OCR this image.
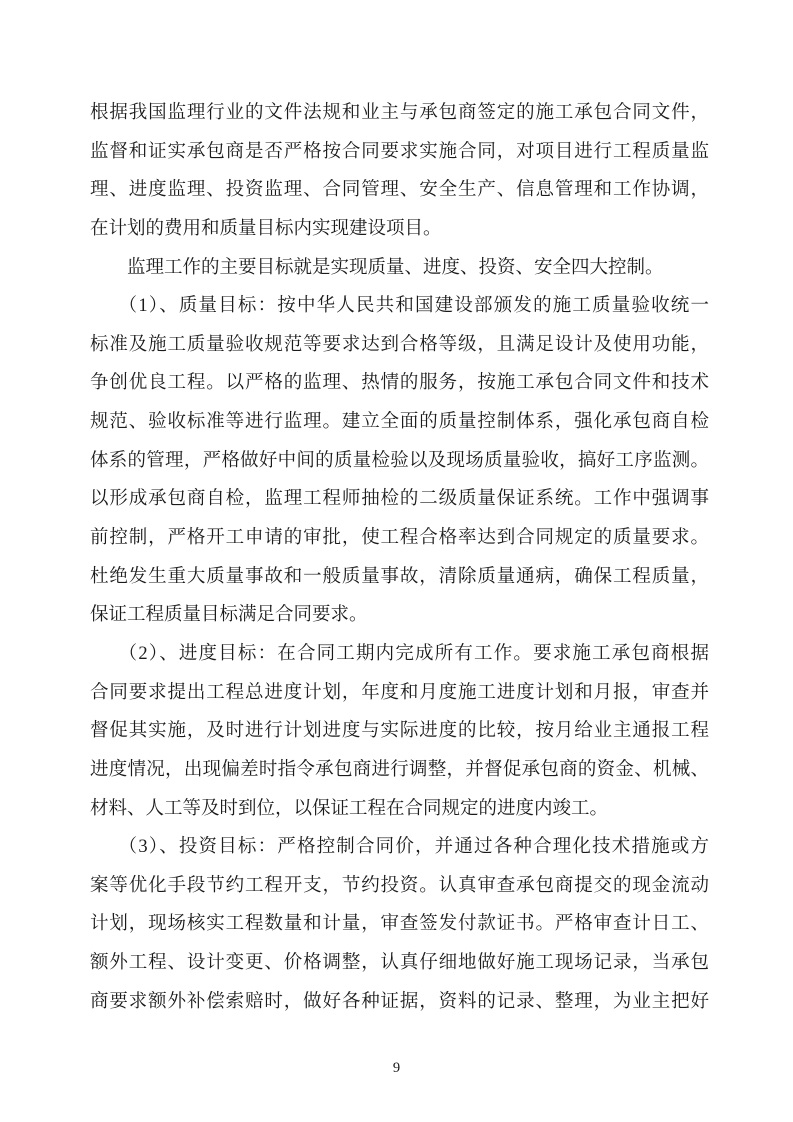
根据我国监理行业的文件法规和业主与承包商签定的施工承包合同文件，
监督和证实承包商是否严格按合同要求实施合同，对项目进行工程质量监
理、进度监理、投资监理、合同管理、安全生产、信息管理和工作协调，
在计划的费用和质量目标内实现建设项目。
监理工作的主要目标就是实现质量、进度、投资、安全四大控制。
（1）、质量目标：按中华人民共和国建设部颁发的施工质量验收统一
标准及施工质量验收规范等要求达到合格等级，且满足设计及使用功能，
争创优良工程。以严格的监理、热情的服务，按施工承包合同文件和技术
规范、验收标准等进行监理。建立全面的质量控制体系，强化承包商自检
体系的管理，严格做好中间的质量检验以及现场质量验收，搞好工序监测。
以形成承包商自检，监理工程师抽检的二级质量保证系统。工作中强调事
前控制，严格开工申请的审批，使工程合格率达到合同规定的质量要求。
杜绝发生重大质量事故和一般质量事故，清除质量通病，确保工程质量，
保证工程质量目标满足合同要求。
（2）、进度目标：在合同工期内完成所有工作。要求施工承包商根据
合同要求提出工程总进度计划，年度和月度施工进度计划和月报，审查并
督促其实施，及时进行计划进度与实际进度的比较，按月给业主通报工程
进度情况，出现偏差时指令承包商进行调整，并督促承包商的资金、机械、
材料、人工等及时到位，以保证工程在合同规定的进度内竣工。
（3）、投资目标：严格控制合同价，并通过各种合理化技术措施或方
案等优化手段节约工程开支，节约投资。认真审查承包商提交的现金流动
计划，现场核实工程数量和计量，审查签发付款证书。严格审查计日工、
额外工程、设计变更、价格调整，认真仔细地做好施工现场记录，当承包
商要求额外补偿索赔时，做好各种证据，资料的记录、整理，为业主把好
9
